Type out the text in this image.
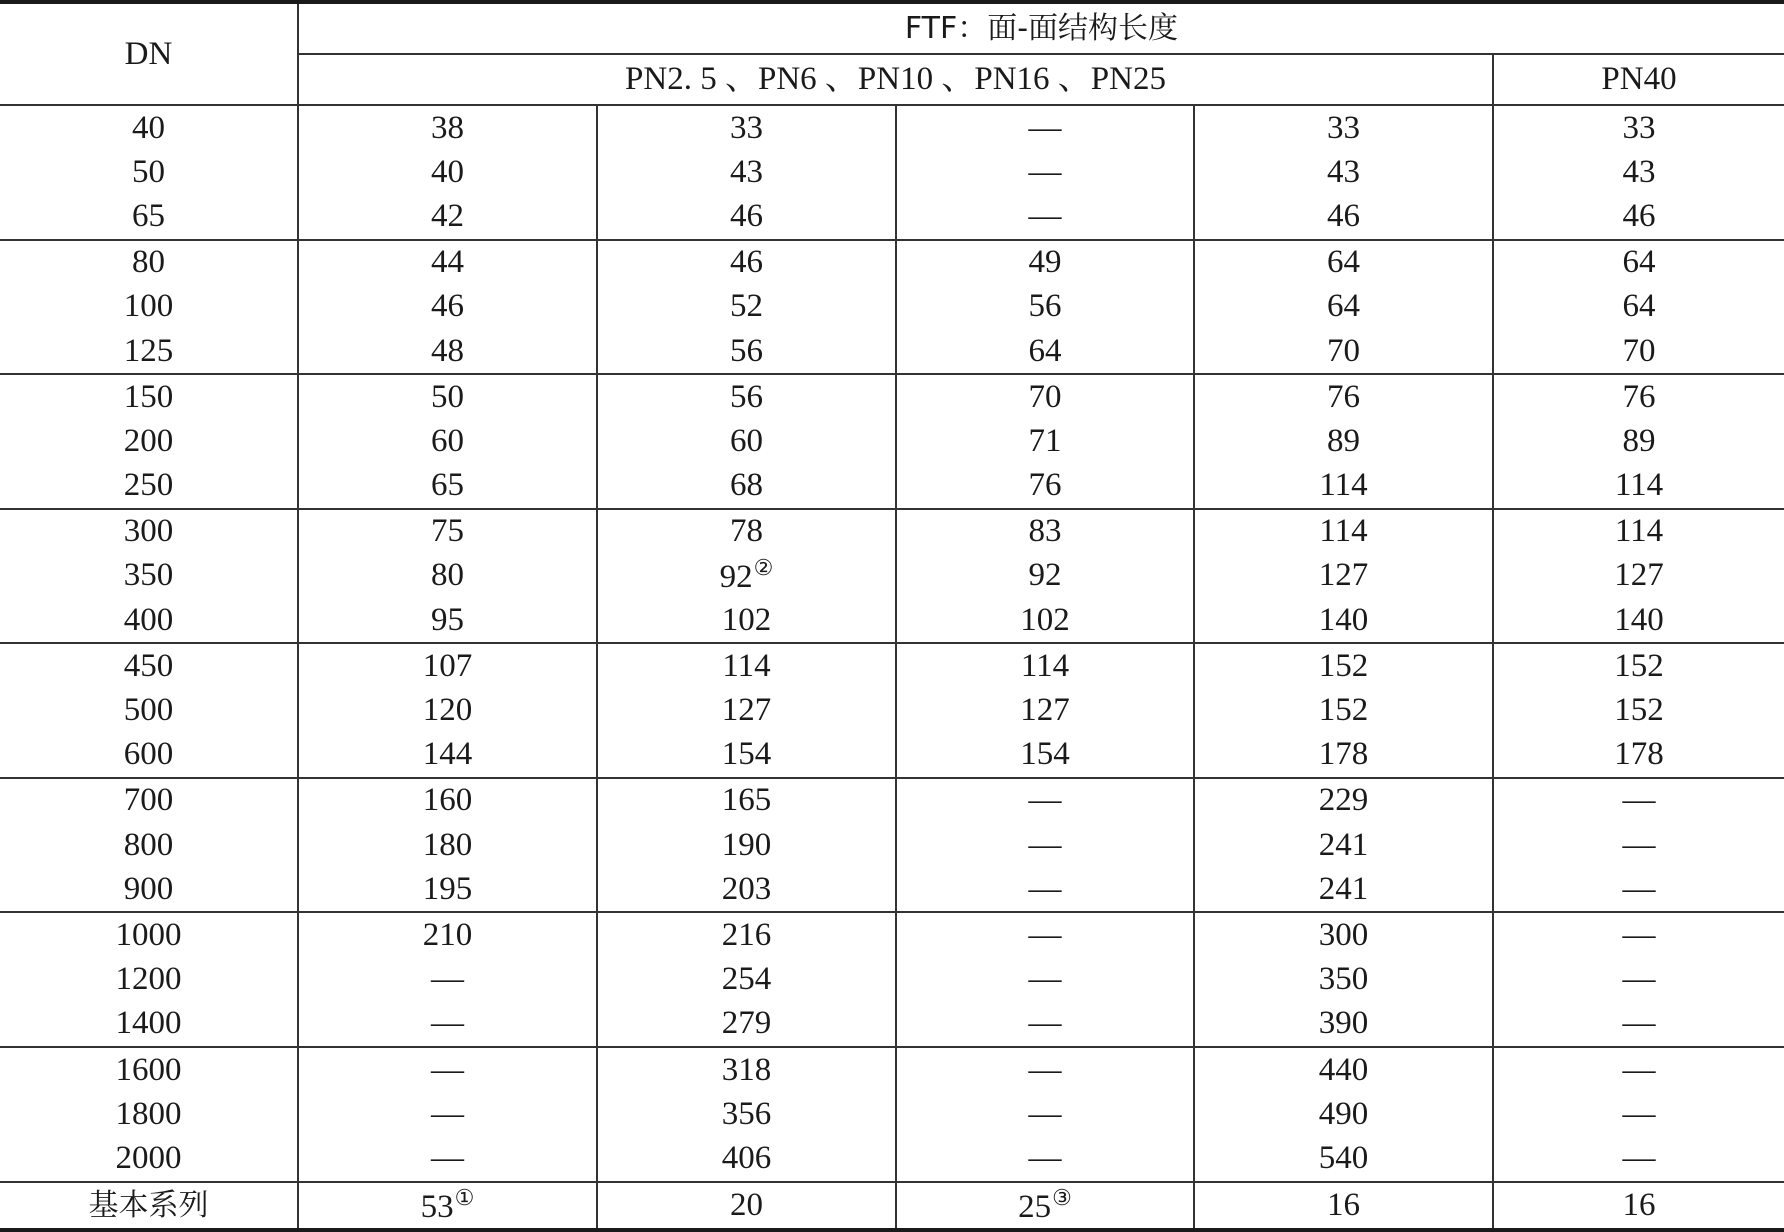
DN	FTF：面-面结构长度				
	PN2. 5 、PN6 、PN10 、PN16 、PN25				PN40
40	38	33	—	33	33
50	40	43	—	43	43
65	42	46	—	46	46
80	44	46	49	64	64
100	46	52	56	64	64
125	48	56	64	70	70
150	50	56	70	76	76
200	60	60	71	89	89
250	65	68	76	114	114
300	75	78	83	114	114
350	80	92②	92	127	127
400	95	102	102	140	140
450	107	114	114	152	152
500	120	127	127	152	152
600	144	154	154	178	178
700	160	165	—	229	—
800	180	190	—	241	—
900	195	203	—	241	—
1000	210	216	—	300	—
1200	—	254	—	350	—
1400	—	279	—	390	—
1600	—	318	—	440	—
1800	—	356	—	490	—
2000	—	406	—	540	—
基本系列	53①	20	25③	16	16
